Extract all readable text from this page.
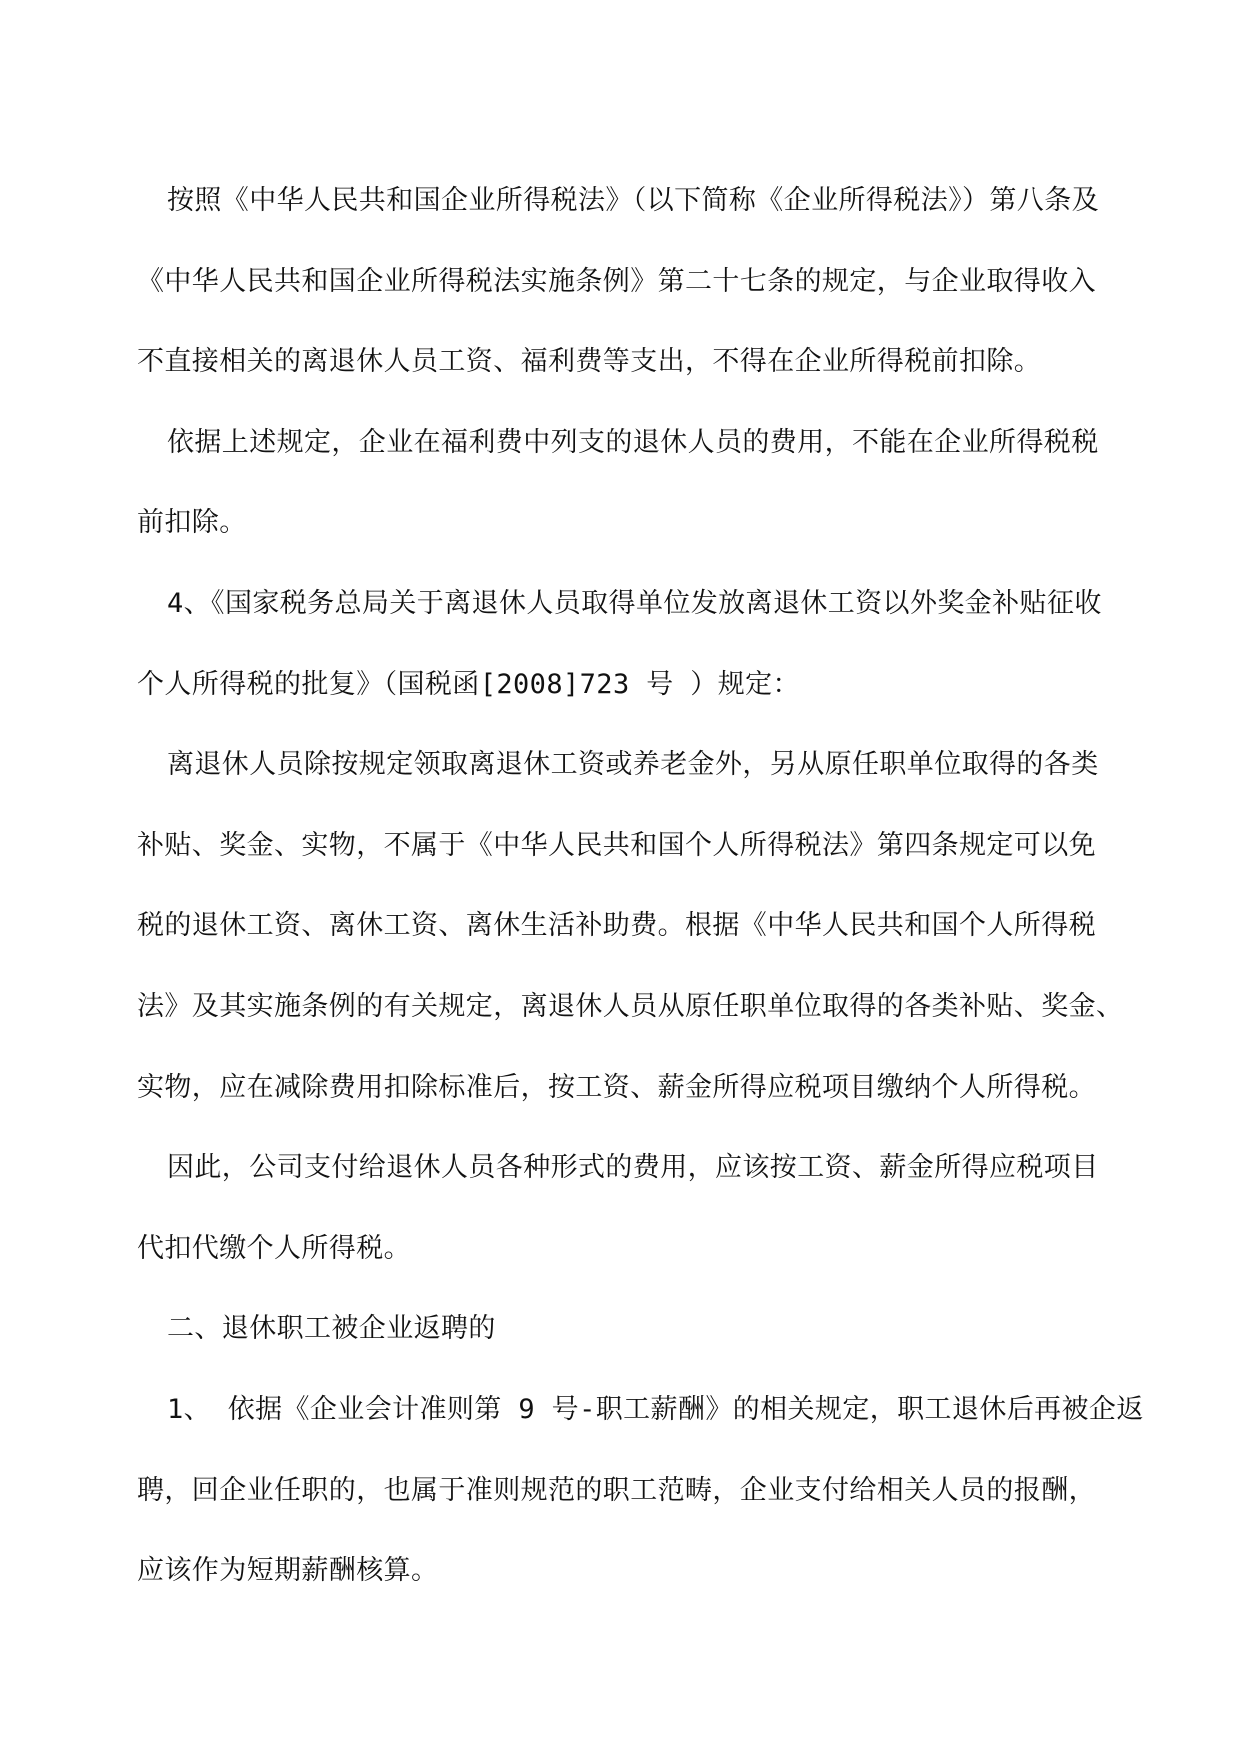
按照《中华人民共和国企业所得税法》（以下简称《企业所得税法》）第八条及
《中华人民共和国企业所得税法实施条例》第二十七条的规定，与企业取得收入
不直接相关的离退休人员工资、福利费等支出，不得在企业所得税前扣除。

依据上述规定，企业在福利费中列支的退休人员的费用，不能在企业所得税税
前扣除。

4、《国家税务总局关于离退休人员取得单位发放离退休工资以外奖金补贴征收
个人所得税的批复》（国税函[2008]723 号 ）规定：

离退休人员除按规定领取离退休工资或养老金外，另从原任职单位取得的各类
补贴、奖金、实物，不属于《中华人民共和国个人所得税法》第四条规定可以免
税的退休工资、离休工资、离休生活补助费。根据《中华人民共和国个人所得税
法》及其实施条例的有关规定，离退休人员从原任职单位取得的各类补贴、奖金、
实物，应在减除费用扣除标准后，按工资、薪金所得应税项目缴纳个人所得税。

因此，公司支付给退休人员各种形式的费用，应该按工资、薪金所得应税项目
代扣代缴个人所得税。

二、退休职工被企业返聘的

1、 依据《企业会计准则第 9 号-职工薪酬》的相关规定，职工退休后再被企返
聘，回企业任职的，也属于准则规范的职工范畴，企业支付给相关人员的报酬，
应该作为短期薪酬核算。
